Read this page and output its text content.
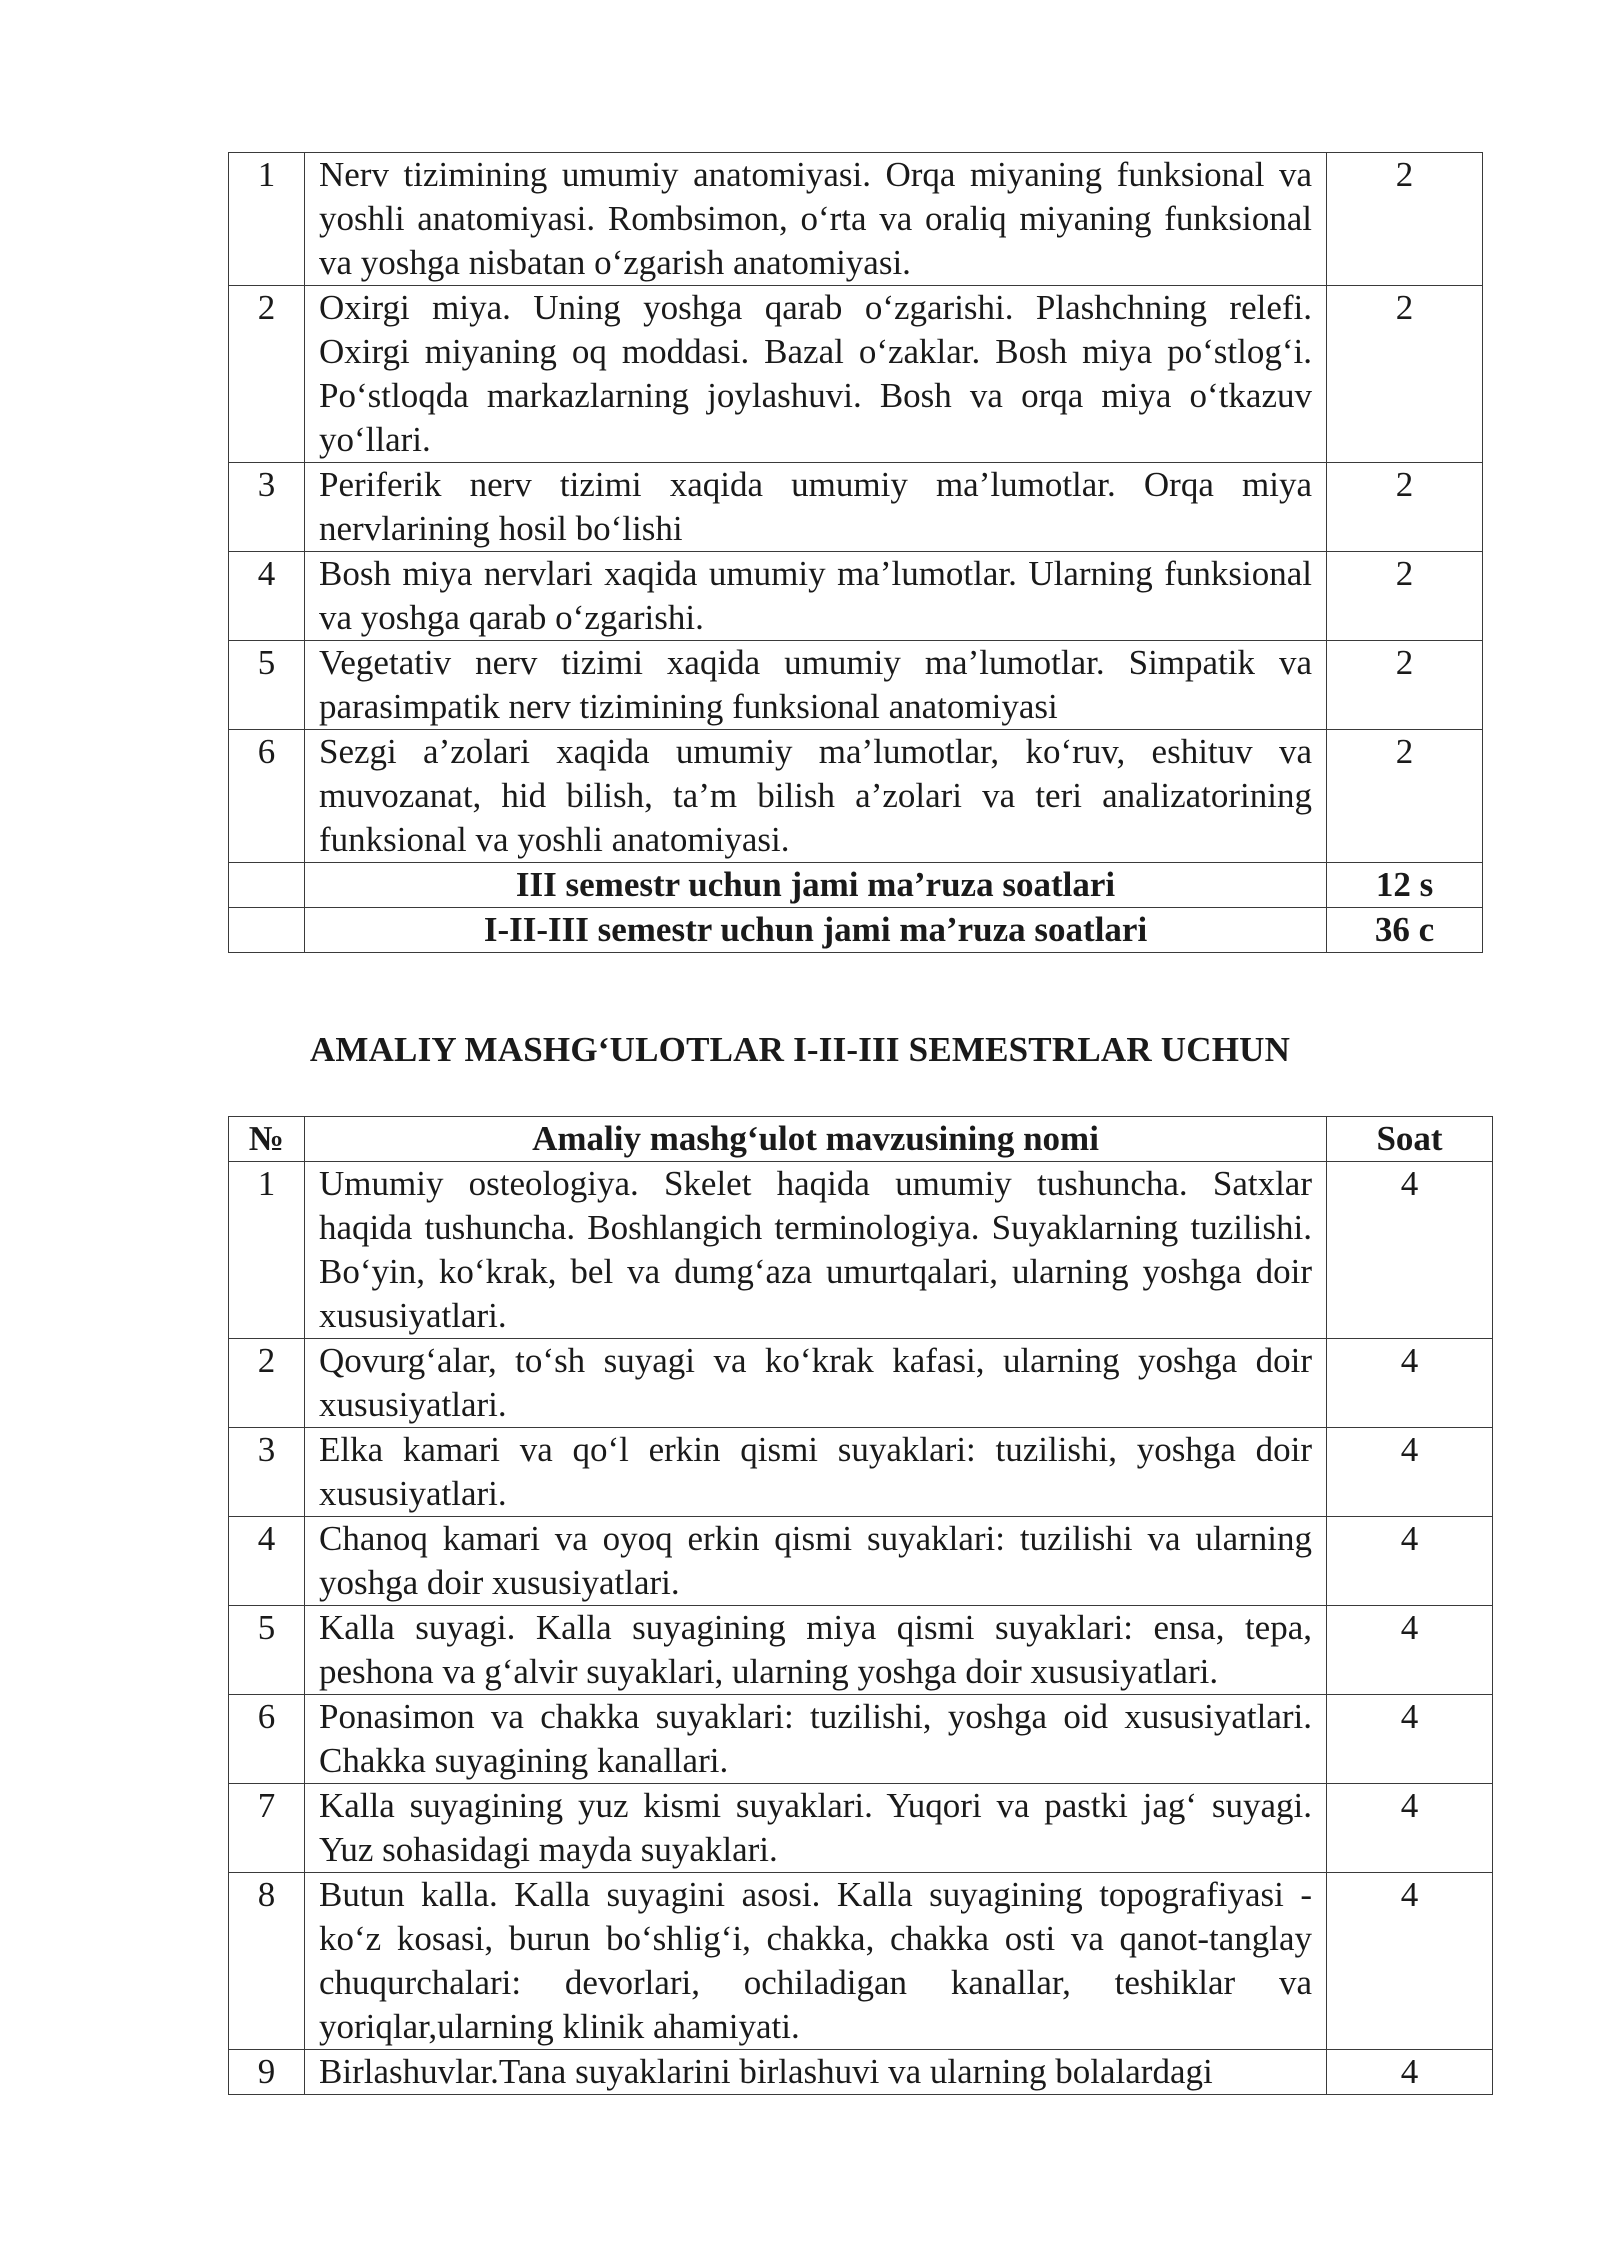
1	Nerv tizimining umumiy anatomiyasi. Orqa miyaning funksional va yoshli anatomiyasi. Rombsimon, o‘rta va oraliq miyaning funksional va yoshga nisbatan o‘zgarish anatomiyasi.	2
2	Oxirgi miya. Uning yoshga qarab o‘zgarishi. Plashchning relefi. Oxirgi miyaning oq moddasi. Bazal o‘zaklar. Bosh miya po‘stlog‘i. Po‘stloqda markazlarning joylashuvi. Bosh va orqa miya o‘tkazuv yo‘llari.	2
3	Periferik nerv tizimi xaqida umumiy ma’lumotlar. Orqa miya nervlarining hosil bo‘lishi	2
4	Bosh miya nervlari xaqida umumiy ma’lumotlar. Ularning funksional va yoshga qarab o‘zgarishi.	2
5	Vegetativ nerv tizimi xaqida umumiy ma’lumotlar. Simpatik va parasimpatik nerv tizimining funksional anatomiyasi	2
6	Sezgi a’zolari xaqida umumiy ma’lumotlar, ko‘ruv, eshituv va muvozanat, hid bilish, ta’m bilish a’zolari va teri analizatorining funksional va yoshli anatomiyasi.	2
	III semestr uchun jami ma’ruza soatlari	12 s
	I-II-III semestr uchun jami ma’ruza soatlari	36 c
AMALIY MASHG‘ULOTLAR I-II-III SEMESTRLAR UCHUN
№	Amaliy mashg‘ulot mavzusining nomi	Soat
1	Umumiy osteologiya. Skelet haqida umumiy tushuncha. Satxlar haqida tushuncha. Boshlangich terminologiya. Suyaklarning tuzilishi. Bo‘yin, ko‘krak, bel va dumg‘aza umurtqalari, ularning yoshga doir xususiyatlari.	4
2	Qovurg‘alar, to‘sh suyagi va ko‘krak kafasi, ularning yoshga doir xususiyatlari.	4
3	Elka kamari va qo‘l erkin qismi suyaklari: tuzilishi, yoshga doir xususiyatlari.	4
4	Chanoq kamari va oyoq erkin qismi suyaklari: tuzilishi va ularning yoshga doir xususiyatlari.	4
5	Kalla suyagi. Kalla suyagining miya qismi suyaklari: ensa, tepa, peshona va g‘alvir suyaklari, ularning yoshga doir xususiyatlari.	4
6	Ponasimon va chakka suyaklari: tuzilishi, yoshga oid xususiyatlari. Chakka suyagining kanallari.	4
7	Kalla suyagining yuz kismi suyaklari. Yuqori va pastki jag‘ suyagi. Yuz sohasidagi mayda suyaklari.	4
8	Butun kalla. Kalla suyagini asosi. Kalla suyagining topografiyasi - ko‘z kosasi, burun bo‘shlig‘i, chakka, chakka osti va qanot-tanglay chuqurchalari: devorlari, ochiladigan kanallar, teshiklar va yoriqlar,ularning klinik ahamiyati.	4
9	Birlashuvlar.Tana suyaklarini birlashuvi va ularning bolalardagi	4
